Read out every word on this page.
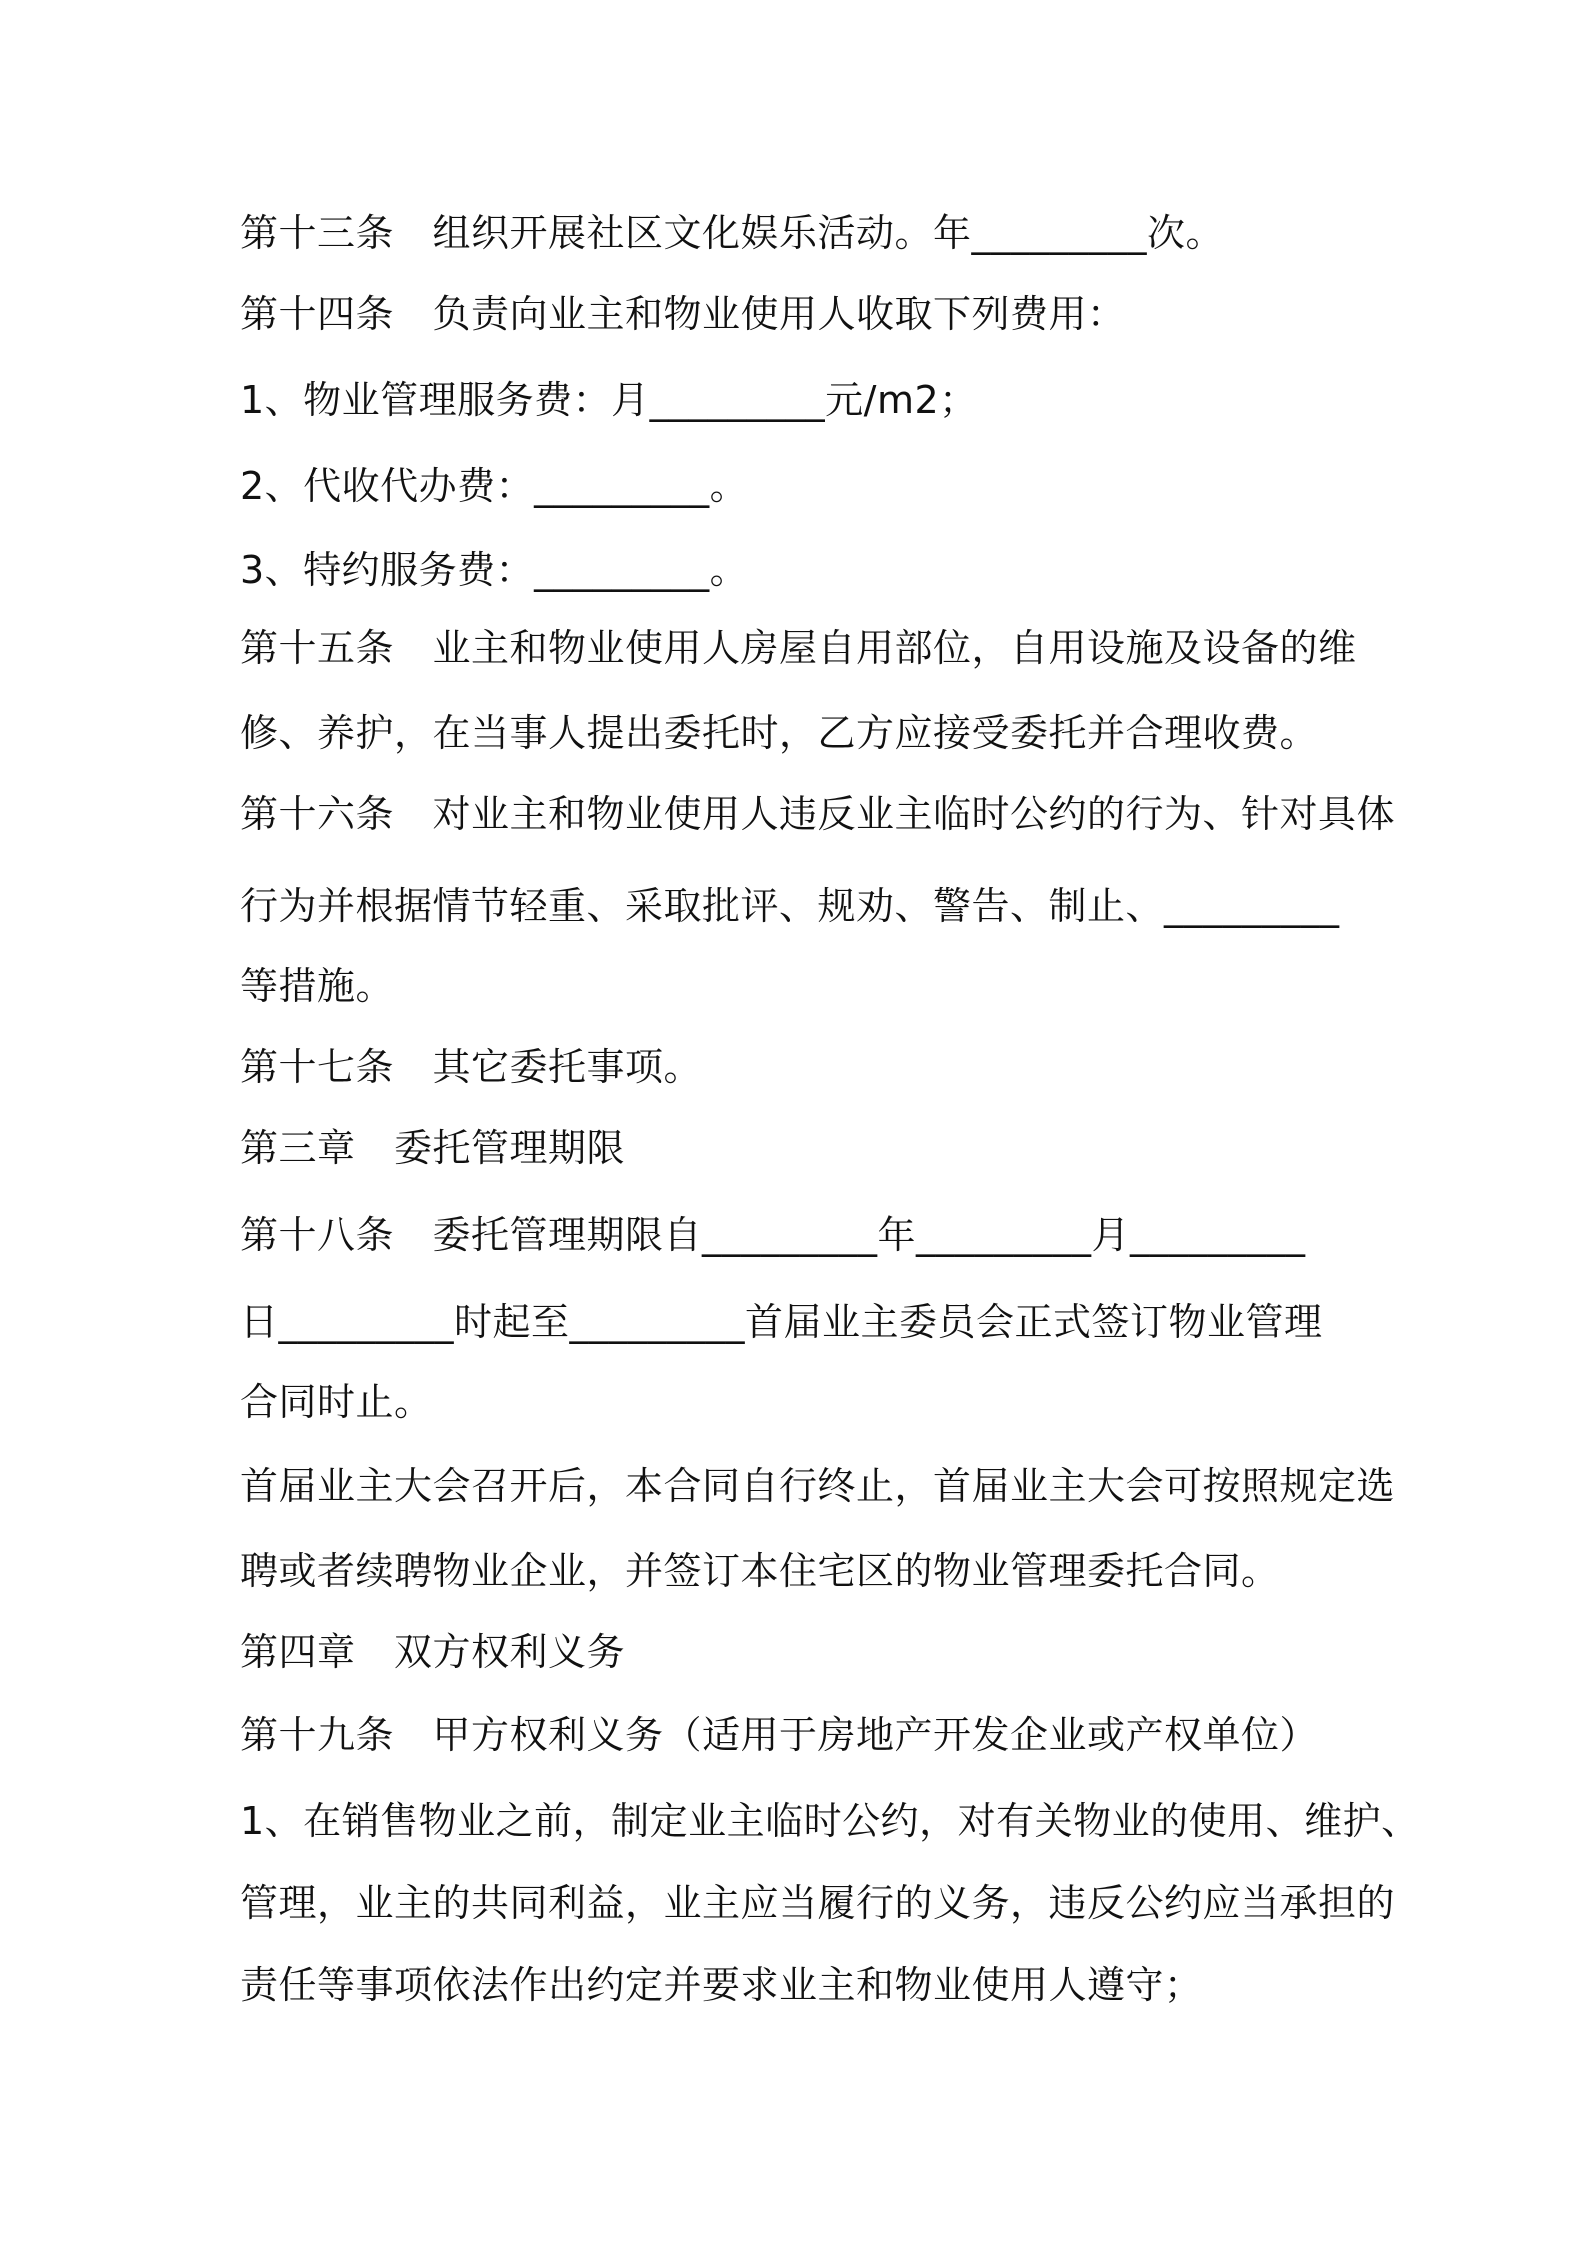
第十三条　组织开展社区文化娱乐活动。年_________次。
第十四条　负责向业主和物业使用人收取下列费用：
1、物业管理服务费：月_________元/m2；
2、代收代办费：_________。
3、特约服务费：_________。
第十五条　业主和物业使用人房屋自用部位，自用设施及设备的维
修、养护，在当事人提出委托时，乙方应接受委托并合理收费。
第十六条　对业主和物业使用人违反业主临时公约的行为、针对具体
行为并根据情节轻重、采取批评、规劝、警告、制止、_________
等措施。
第十七条　其它委托事项。
第三章　委托管理期限
第十八条　委托管理期限自_________年_________月_________
日_________时起至_________首届业主委员会正式签订物业管理
合同时止。
首届业主大会召开后，本合同自行终止，首届业主大会可按照规定选
聘或者续聘物业企业，并签订本住宅区的物业管理委托合同。
第四章　双方权利义务
第十九条　甲方权利义务（适用于房地产开发企业或产权单位）
1、在销售物业之前，制定业主临时公约，对有关物业的使用、维护、
管理，业主的共同利益，业主应当履行的义务，违反公约应当承担的
责任等事项依法作出约定并要求业主和物业使用人遵守；
